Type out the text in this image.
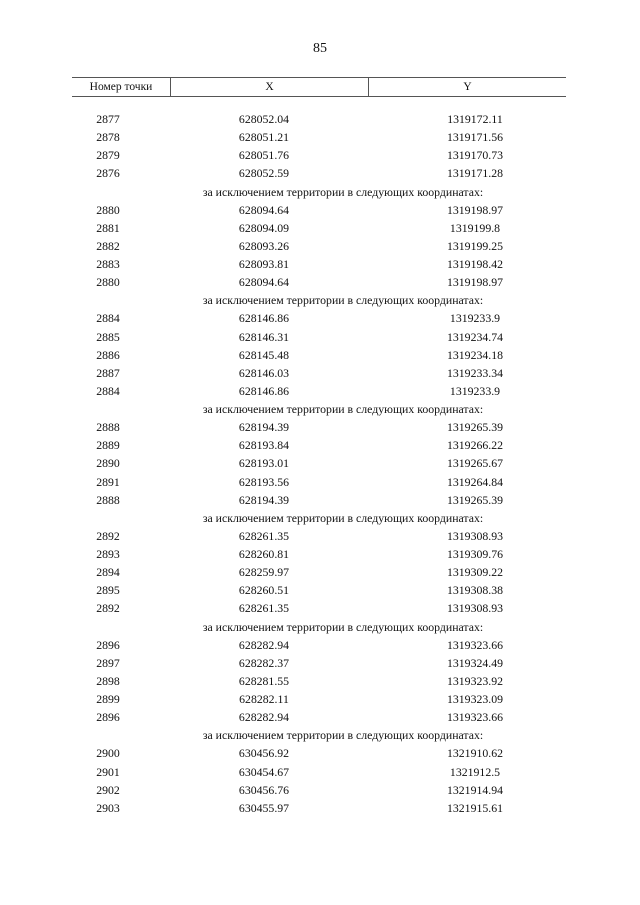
85
Номер точки	X	Y
2877	628052.04	1319172.11
2878	628051.21	1319171.56
2879	628051.76	1319170.73
2876	628052.59	1319171.28
за исключением территории в следующих координатах:
2880	628094.64	1319198.97
2881	628094.09	1319199.8
2882	628093.26	1319199.25
2883	628093.81	1319198.42
2880	628094.64	1319198.97
за исключением территории в следующих координатах:
2884	628146.86	1319233.9
2885	628146.31	1319234.74
2886	628145.48	1319234.18
2887	628146.03	1319233.34
2884	628146.86	1319233.9
за исключением территории в следующих координатах:
2888	628194.39	1319265.39
2889	628193.84	1319266.22
2890	628193.01	1319265.67
2891	628193.56	1319264.84
2888	628194.39	1319265.39
за исключением территории в следующих координатах:
2892	628261.35	1319308.93
2893	628260.81	1319309.76
2894	628259.97	1319309.22
2895	628260.51	1319308.38
2892	628261.35	1319308.93
за исключением территории в следующих координатах:
2896	628282.94	1319323.66
2897	628282.37	1319324.49
2898	628281.55	1319323.92
2899	628282.11	1319323.09
2896	628282.94	1319323.66
за исключением территории в следующих координатах:
2900	630456.92	1321910.62
2901	630454.67	1321912.5
2902	630456.76	1321914.94
2903	630455.97	1321915.61
